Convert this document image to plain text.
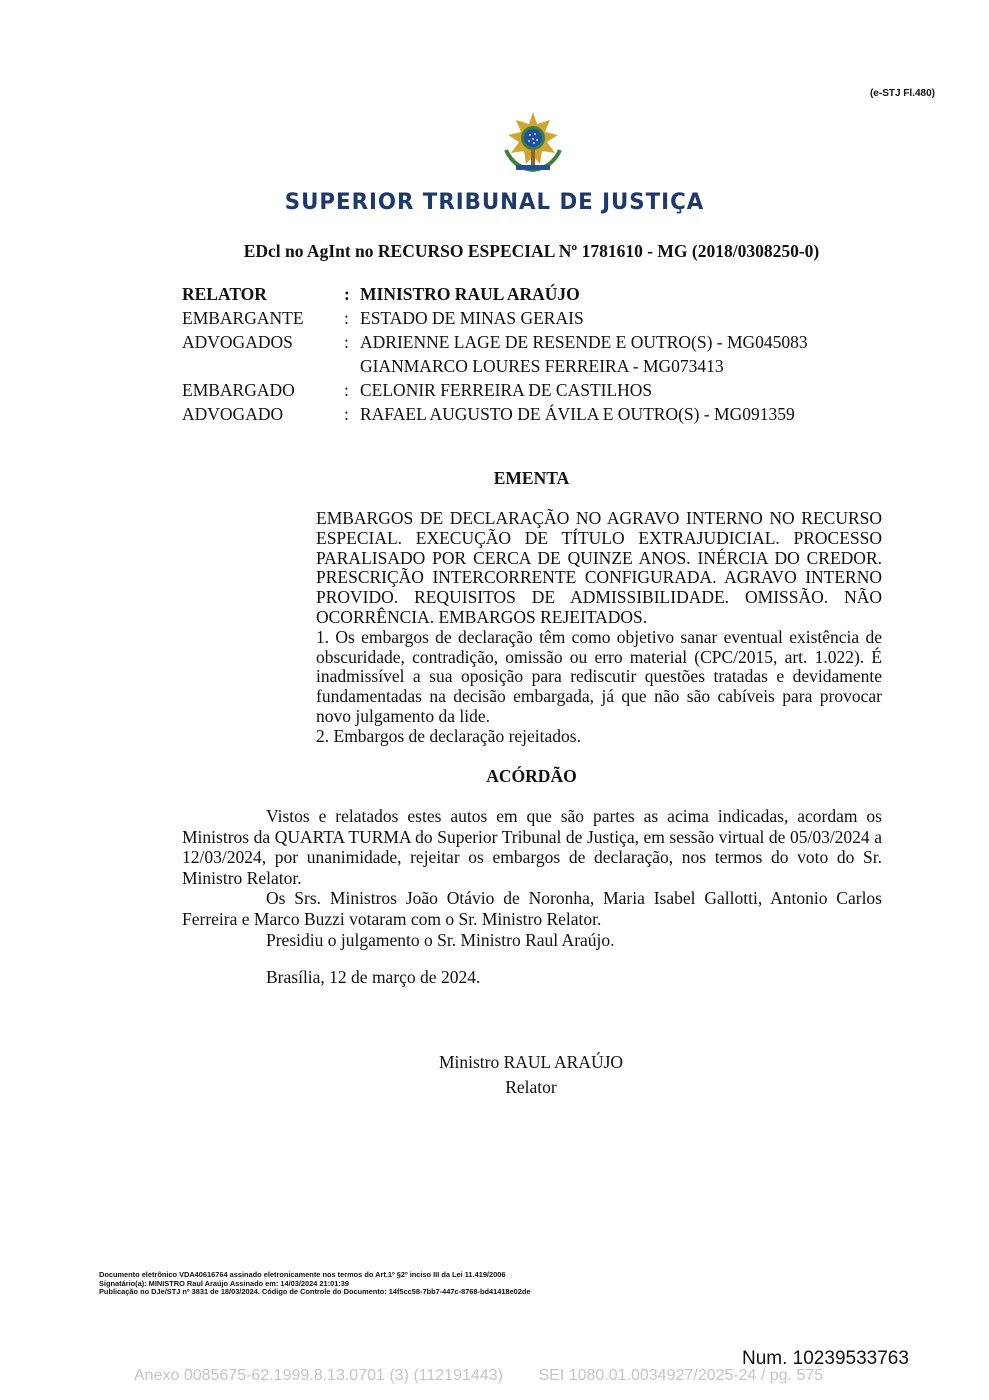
(e-STJ Fl.480)
SUPERIOR TRIBUNAL DE JUSTIÇA
EDcl no AgInt no RECURSO ESPECIAL Nº 1781610 - MG (2018/0308250-0)
RELATOR	: MINISTRO RAUL ARAÚJO
EMBARGANTE	: ESTADO DE MINAS GERAIS
ADVOGADOS	: ADRIENNE LAGE DE RESENDE E OUTRO(S) - MG045083
GIANMARCO LOURES FERREIRA - MG073413
EMBARGADO	: CELONIR FERREIRA DE CASTILHOS
ADVOGADO	: RAFAEL AUGUSTO DE ÁVILA E OUTRO(S) - MG091359
EMENTA

EMBARGOS DE DECLARAÇÃO NO AGRAVO INTERNO NO RECURSO ESPECIAL. EXECUÇÃO DE TÍTULO EXTRAJUDICIAL. PROCESSO PARALISADO POR CERCA DE QUINZE ANOS. INÉRCIA DO CREDOR. PRESCRIÇÃO INTERCORRENTE CONFIGURADA. AGRAVO INTERNO PROVIDO. REQUISITOS DE ADMISSIBILIDADE. OMISSÃO. NÃO OCORRÊNCIA. EMBARGOS REJEITADOS.

1. Os embargos de declaração têm como objetivo sanar eventual existência de obscuridade, contradição, omissão ou erro material (CPC/2015, art. 1.022). É inadmissível a sua oposição para rediscutir questões tratadas e devidamente fundamentadas na decisão embargada, já que não são cabíveis para provocar novo julgamento da lide.

2. Embargos de declaração rejeitados.

ACÓRDÃO

Vistos e relatados estes autos em que são partes as acima indicadas, acordam os Ministros da QUARTA TURMA do Superior Tribunal de Justiça, em sessão virtual de 05/03/2024 a 12/03/2024, por unanimidade, rejeitar os embargos de declaração, nos termos do voto do Sr. Ministro Relator.

Os Srs. Ministros João Otávio de Noronha, Maria Isabel Gallotti, Antonio Carlos Ferreira e Marco Buzzi votaram com o Sr. Ministro Relator.

Presidiu o julgamento o Sr. Ministro Raul Araújo.

Brasília, 12 de março de 2024.
Ministro RAUL ARAÚJO
Relator
Documento eletrônico VDA40616764 assinado eletronicamente nos termos do Art.1º §2º inciso III da Lei 11.419/2006
Signatário(a): MINISTRO Raul Araújo Assinado em: 14/03/2024 21:01:39
Publicação no DJe/STJ nº 3831 de 18/03/2024. Código de Controle do Documento: 14f5cc58-7bb7-447c-8768-bd41418e02de
Num. 10239533763
Anexo 0085675-62.1999.8.13.0701 (3) (112191443)        SEI 1080.01.0034927/2025-24 / pg. 575
